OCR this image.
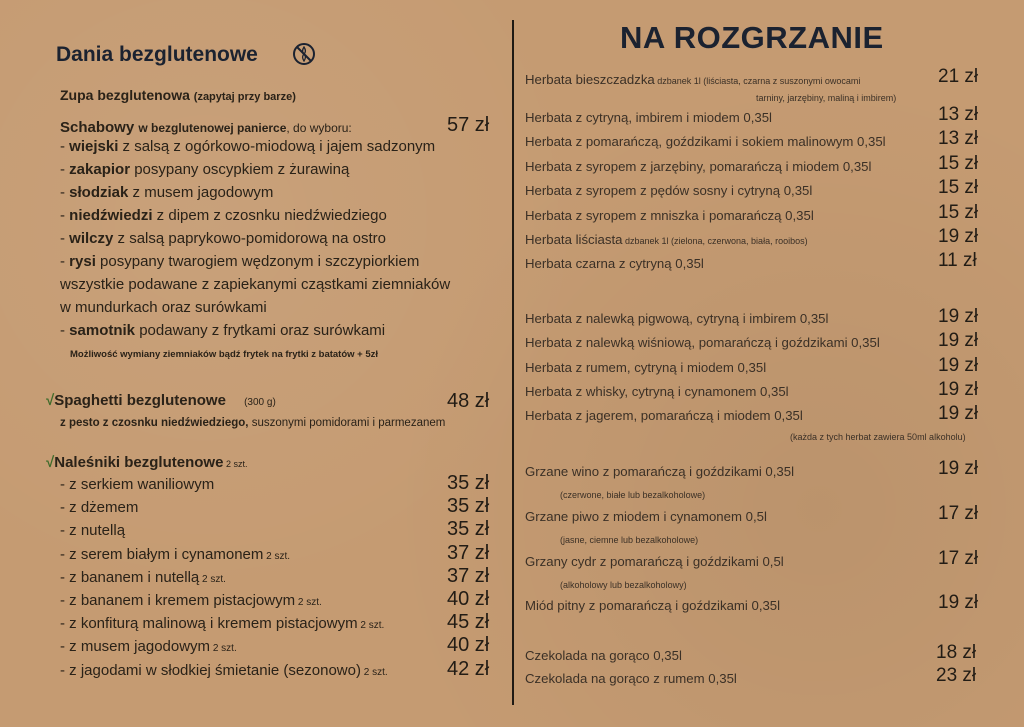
Dania bezglutenowe
Zupa bezglutenowa (zapytaj przy barze)
Schabowy w bezglutenowej panierce, do wyboru:	57 zł
- wiejski z salsą z ogórkowo-miodową i jajem sadzonym
- zakapior posypany oscypkiem z żurawiną
- słodziak z musem jagodowym
- niedźwiedzi z dipem z czosnku niedźwiedziego
- wilczy z salsą paprykowo-pomidorową na ostro
- rysi posypany twarogiem wędzonym i szczypiorkiem
wszystkie podawane z zapiekanymi cząstkami ziemniaków
w mundurkach oraz surówkami
- samotnik podawany z frytkami oraz surówkami
Możliwość wymiany ziemniaków bądź frytek na frytki z batatów + 5zł
√Spaghetti bezglutenowe (300 g)	48 zł
z pesto z czosnku niedźwiedziego, suszonymi pomidorami i parmezanem
√Naleśniki bezglutenowe 2 szt.
- z serkiem waniliowym	35 zł
- z dżemem	35 zł
- z nutellą	35 zł
- z serem białym i cynamonem 2 szt.	37 zł
- z bananem i nutellą 2 szt.	37 zł
- z bananem i kremem pistacjowym 2 szt.	40 zł
- z konfiturą malinową i kremem pistacjowym 2 szt.	45 zł
- z musem jagodowym 2 szt.	40 zł
- z jagodami w słodkiej śmietanie (sezonowo) 2 szt.	42 zł
NA ROZGRZANIE
Herbata bieszczadzka dzbanek 1l (liściasta, czarna z suszonymi owocami	21 zł
Herbata z cytryną, imbirem i miodem 0,35l	13 zł
Herbata z pomarańczą, goździkami i sokiem malinowym 0,35l	13 zł
Herbata z syropem z jarzębiny, pomarańczą i miodem 0,35l	15 zł
Herbata z syropem z pędów sosny i cytryną 0,35l	15 zł
Herbata z syropem z mniszka i pomarańczą 0,35l	15 zł
Herbata liściasta dzbanek 1l (zielona, czerwona, biała, rooibos)	19 zł
Herbata czarna z cytryną 0,35l	11 zł
tarniny, jarzębiny, maliną i imbirem)
Herbata z nalewką pigwową, cytryną i imbirem 0,35l	19 zł
Herbata z nalewką wiśniową, pomarańczą i goździkami 0,35l	19 zł
Herbata z rumem, cytryną i miodem 0,35l	19 zł
Herbata z whisky, cytryną i cynamonem 0,35l	19 zł
Herbata z jagerem, pomarańczą i miodem 0,35l	19 zł
(każda z tych herbat zawiera 50ml alkoholu)
Grzane wino z pomarańczą i goździkami 0,35l	19 zł
(czerwone, białe lub bezalkoholowe)
Grzane piwo z miodem i cynamonem 0,5l	17 zł
(jasne, ciemne lub bezalkoholowe)
Grzany cydr z pomarańczą i goździkami 0,5l	17 zł
(alkoholowy lub bezalkoholowy)
Miód pitny z pomarańczą i goździkami 0,35l	19 zł
Czekolada na gorąco 0,35l	18 zł
Czekolada na gorąco z rumem 0,35l	23 zł
